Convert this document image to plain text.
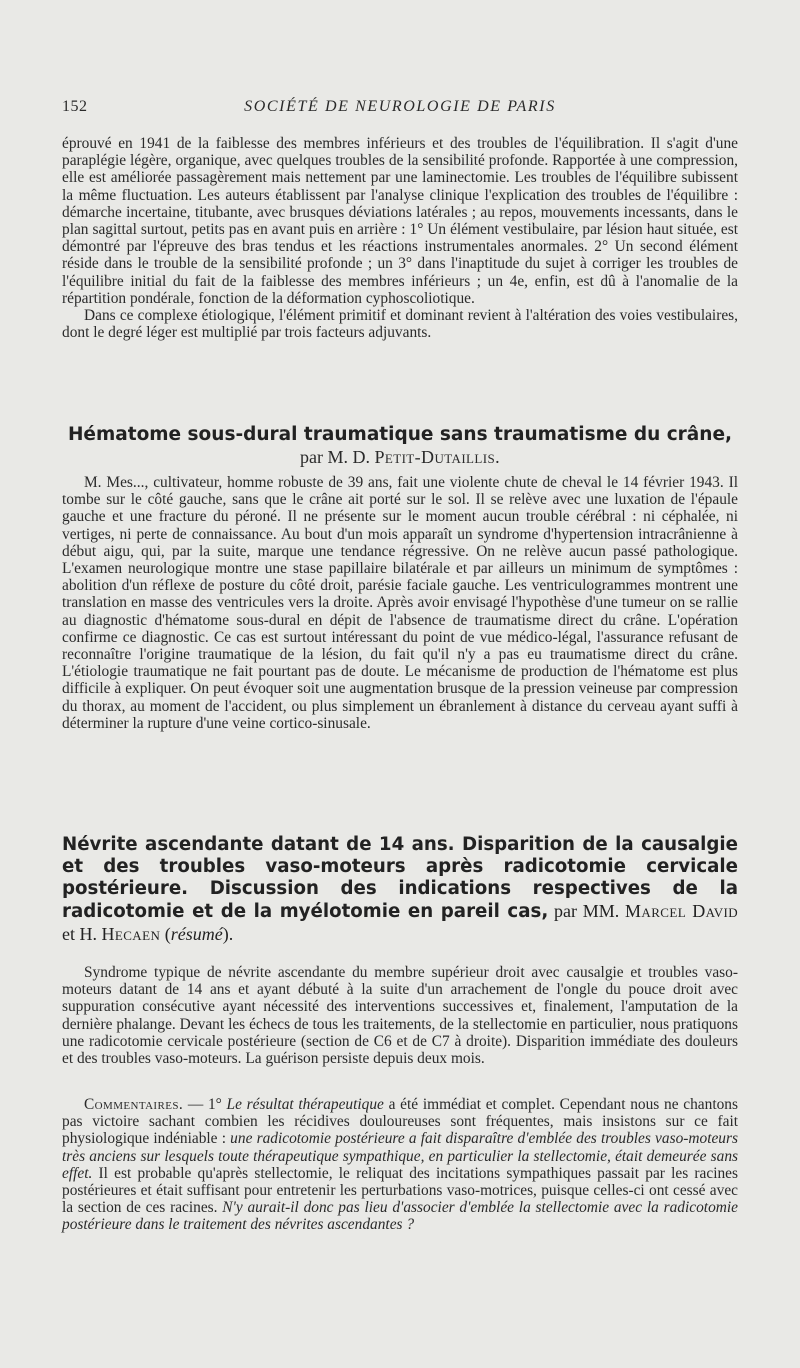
152	SOCIÉTÉ DE NEUROLOGIE DE PARIS

éprouvé en 1941 de la faiblesse des membres inférieurs et des troubles de l'équilibration. Il s'agit d'une paraplégie légère, organique, avec quelques troubles de la sensibilité profonde. Rapportée à une compression, elle est améliorée passagèrement mais nettement par une laminectomie. Les troubles de l'équilibre subissent la même fluctuation. Les auteurs établissent par l'analyse clinique l'explication des troubles de l'équilibre : démarche incertaine, titubante, avec brusques déviations latérales ; au repos, mouvements incessants, dans le plan sagittal surtout, petits pas en avant puis en arrière : 1° Un élément vestibulaire, par lésion haut située, est démontré par l'épreuve des bras tendus et les réactions instrumentales anormales. 2° Un second élément réside dans le trouble de la sensibilité profonde ; un 3° dans l'inaptitude du sujet à corriger les troubles de l'équilibre initial du fait de la faiblesse des membres inférieurs ; un 4e, enfin, est dû à l'anomalie de la répartition pondérale, fonction de la déformation cyphoscoliotique.

Dans ce complexe étiologique, l'élément primitif et dominant revient à l'altération des voies vestibulaires, dont le degré léger est multiplié par trois facteurs adjuvants.

Hématome sous-dural traumatique sans traumatisme du crâne,
par M. D. Petit-Dutaillis.

M. Mes..., cultivateur, homme robuste de 39 ans, fait une violente chute de cheval le 14 février 1943. Il tombe sur le côté gauche, sans que le crâne ait porté sur le sol. Il se relève avec une luxation de l'épaule gauche et une fracture du péroné. Il ne présente sur le moment aucun trouble cérébral : ni céphalée, ni vertiges, ni perte de connaissance. Au bout d'un mois apparaît un syndrome d'hypertension intracrânienne à début aigu, qui, par la suite, marque une tendance régressive. On ne relève aucun passé pathologique. L'examen neurologique montre une stase papillaire bilatérale et par ailleurs un minimum de symptômes : abolition d'un réflexe de posture du côté droit, parésie faciale gauche. Les ventriculogrammes montrent une translation en masse des ventricules vers la droite. Après avoir envisagé l'hypothèse d'une tumeur on se rallie au diagnostic d'hématome sous-dural en dépit de l'absence de traumatisme direct du crâne. L'opération confirme ce diagnostic. Ce cas est surtout intéressant du point de vue médico-légal, l'assurance refusant de reconnaître l'origine traumatique de la lésion, du fait qu'il n'y a pas eu traumatisme direct du crâne. L'étiologie traumatique ne fait pourtant pas de doute. Le mécanisme de production de l'hématome est plus difficile à expliquer. On peut évoquer soit une augmentation brusque de la pression veineuse par compression du thorax, au moment de l'accident, ou plus simplement un ébranlement à distance du cerveau ayant suffi à déterminer la rupture d'une veine cortico-sinusale.

Névrite ascendante datant de 14 ans. Disparition de la causalgie et des troubles vaso-moteurs après radicotomie cervicale postérieure. Discussion des indications respectives de la radicotomie et de la myélotomie en pareil cas, par MM. Marcel David et H. Hecaen (résumé).

Syndrome typique de névrite ascendante du membre supérieur droit avec causalgie et troubles vaso-moteurs datant de 14 ans et ayant débuté à la suite d'un arrachement de l'ongle du pouce droit avec suppuration consécutive ayant nécessité des interventions successives et, finalement, l'amputation de la dernière phalange. Devant les échecs de tous les traitements, de la stellectomie en particulier, nous pratiquons une radicotomie cervicale postérieure (section de C6 et de C7 à droite). Disparition immédiate des douleurs et des troubles vaso-moteurs. La guérison persiste depuis deux mois.

Commentaires. — 1° Le résultat thérapeutique a été immédiat et complet. Cependant nous ne chantons pas victoire sachant combien les récidives douloureuses sont fréquentes, mais insistons sur ce fait physiologique indéniable : une radicotomie postérieure a fait disparaître d'emblée des troubles vaso-moteurs très anciens sur lesquels toute thérapeutique sympathique, en particulier la stellectomie, était demeurée sans effet. Il est probable qu'après stellectomie, le reliquat des incitations sympathiques passait par les racines postérieures et était suffisant pour entretenir les perturbations vaso-motrices, puisque celles-ci ont cessé avec la section de ces racines. N'y aurait-il donc pas lieu d'associer d'emblée la stellectomie avec la radicotomie postérieure dans le traitement des névrites ascendantes ?
